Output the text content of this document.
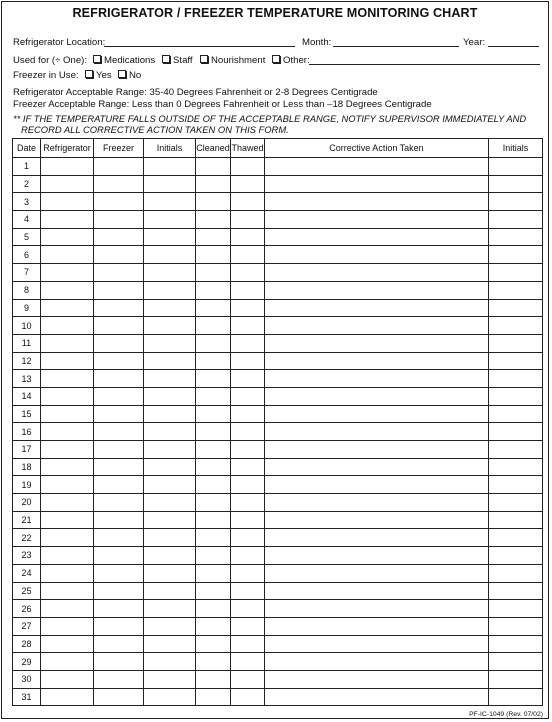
REFRIGERATOR / FREEZER TEMPERATURE MONITORING CHART
Refrigerator Location:	Month:	Year:
Used for (÷ One):	Medications	Staff	Nourishment	Other:
Freezer in Use:	Yes	No
Refrigerator Acceptable Range: 35-40 Degrees Fahrenheit or 2-8 Degrees Centigrade
Freezer Acceptable Range: Less than 0 Degrees Fahrenheit or Less than –18 Degrees Centigrade
** IF THE TEMPERATURE FALLS OUTSIDE OF THE ACCEPTABLE RANGE, NOTIFY SUPERVISOR IMMEDIATELY AND
RECORD ALL CORRECTIVE ACTION TAKEN ON THIS FORM.
Date	Refrigerator	Freezer	Initials	Cleaned	Thawed	Corrective Action Taken	Initials
1							
2							
3							
4							
5							
6							
7							
8							
9							
10							
11							
12							
13							
14							
15							
16							
17							
18							
19							
20							
21							
22							
23							
24							
25							
26							
27							
28							
29							
30							
31							
PF-IC-1049 (Rev. 07/02)
